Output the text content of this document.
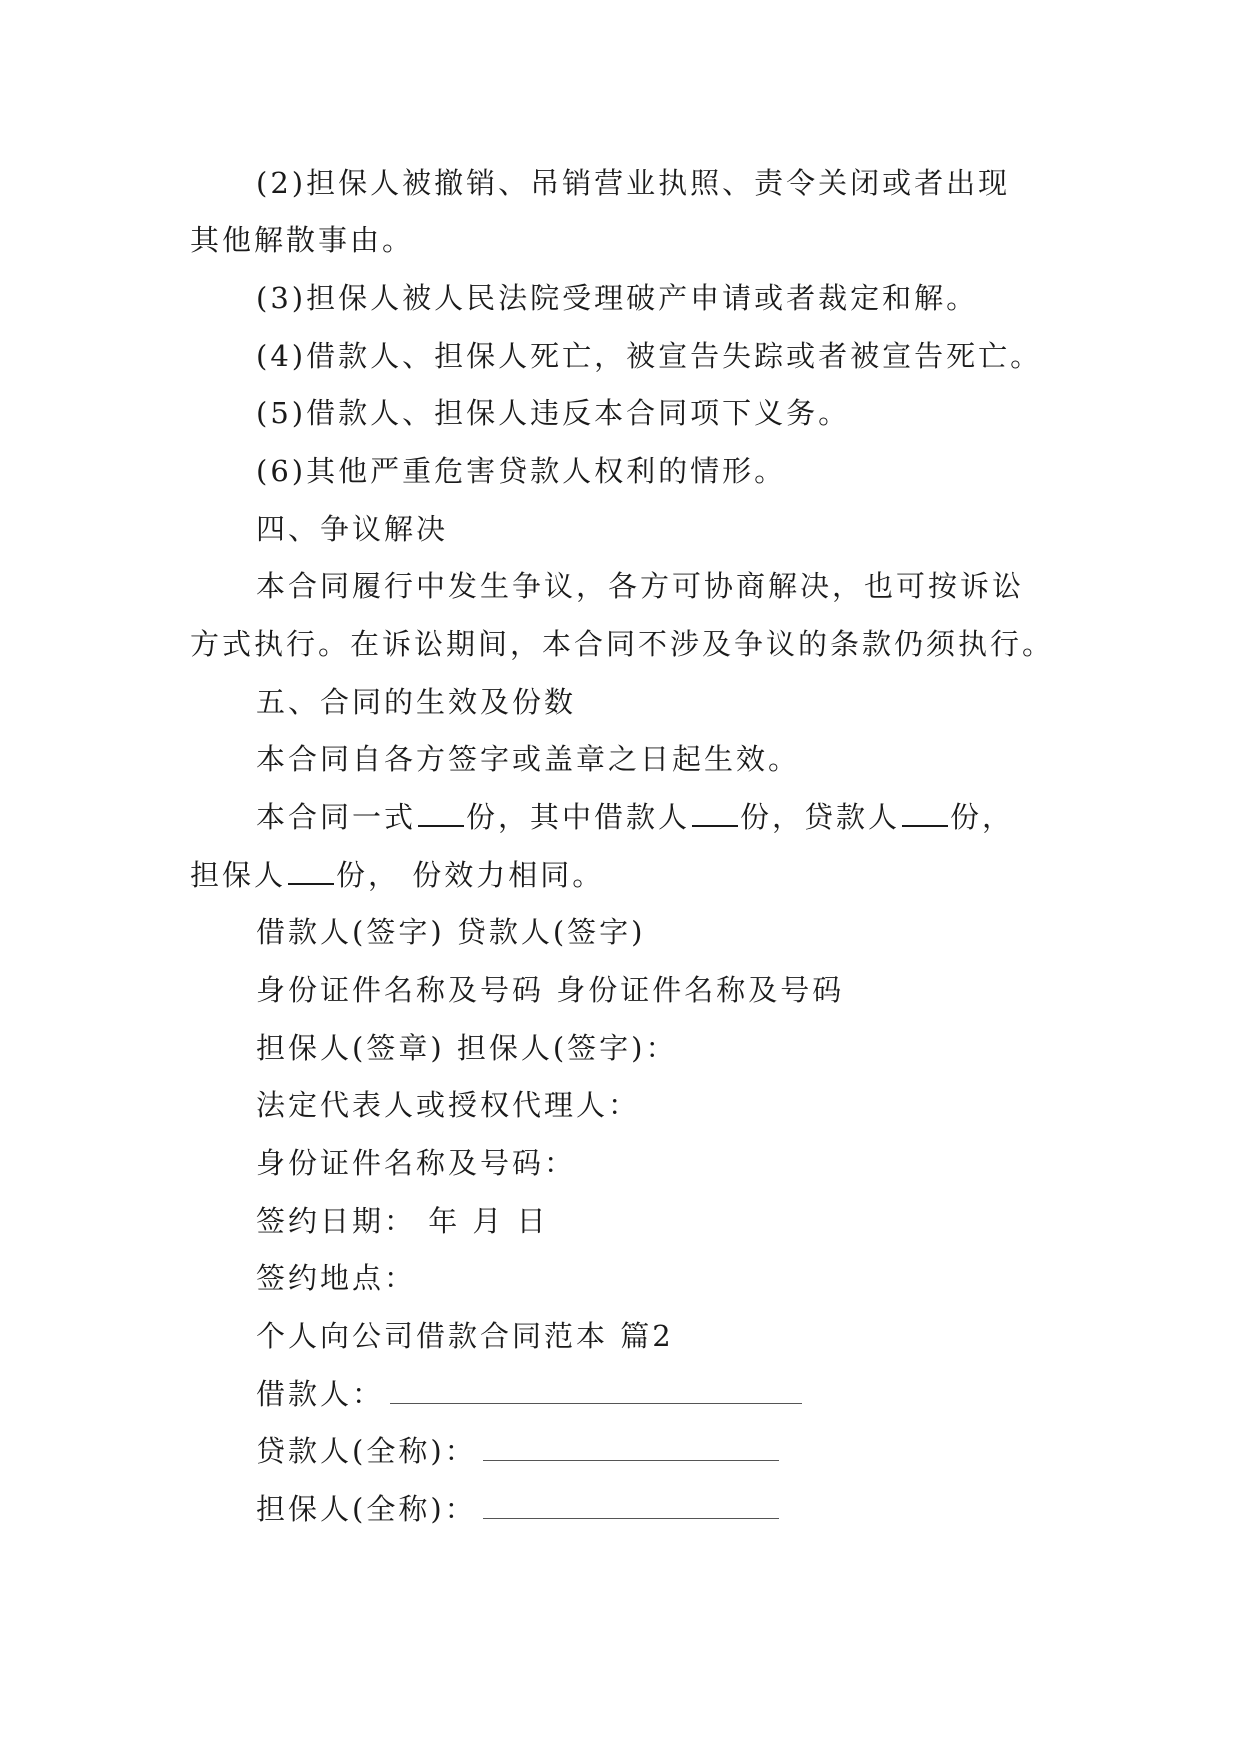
(2)担保人被撤销、吊销营业执照、责令关闭或者出现
其他解散事由。
(3)担保人被人民法院受理破产申请或者裁定和解。
(4)借款人、担保人死亡，被宣告失踪或者被宣告死亡。
(5)借款人、担保人违反本合同项下义务。
(6)其他严重危害贷款人权利的情形。
四、争议解决
本合同履行中发生争议，各方可协商解决，也可按诉讼
方式执行。在诉讼期间，本合同不涉及争议的条款仍须执行。
五、合同的生效及份数
本合同自各方签字或盖章之日起生效。
本合同一式 份，其中借款人 份，贷款人 份，
担保人 份， 份效力相同。
借款人(签字) 贷款人(签字)
身份证件名称及号码 身份证件名称及号码
担保人(签章) 担保人(签字)：
法定代表人或授权代理人：
身份证件名称及号码：
签约日期： 年 月 日
签约地点：
个人向公司借款合同范本 篇2
借款人：
贷款人(全称)：
担保人(全称)：
